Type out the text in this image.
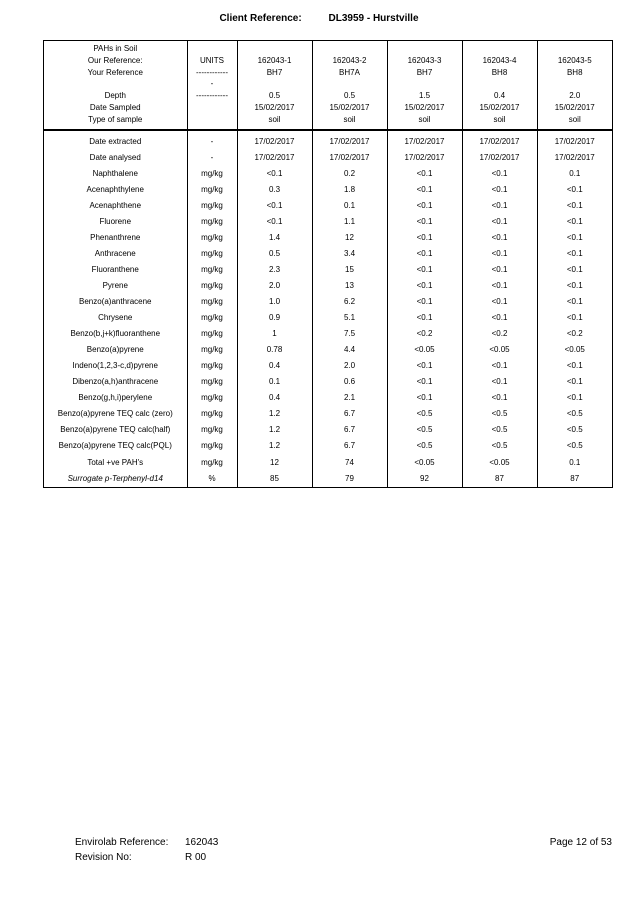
Client Reference:	DL3959 - Hurstville
PAHs in Soil						
Our Reference:	UNITS	162043-1	162043-2	162043-3	162043-4	162043-5
Your Reference	------------	BH7	BH7A	BH7	BH8	BH8
	-					
Depth	------------	0.5	0.5	1.5	0.4	2.0
Date Sampled		15/02/2017	15/02/2017	15/02/2017	15/02/2017	15/02/2017
Type of sample		soil	soil	soil	soil	soil

Date extracted	-	17/02/2017	17/02/2017	17/02/2017	17/02/2017	17/02/2017
Date analysed	-	17/02/2017	17/02/2017	17/02/2017	17/02/2017	17/02/2017
Naphthalene	mg/kg	<0.1	0.2	<0.1	<0.1	0.1
Acenaphthylene	mg/kg	0.3	1.8	<0.1	<0.1	<0.1
Acenaphthene	mg/kg	<0.1	0.1	<0.1	<0.1	<0.1
Fluorene	mg/kg	<0.1	1.1	<0.1	<0.1	<0.1
Phenanthrene	mg/kg	1.4	12	<0.1	<0.1	<0.1
Anthracene	mg/kg	0.5	3.4	<0.1	<0.1	<0.1
Fluoranthene	mg/kg	2.3	15	<0.1	<0.1	<0.1
Pyrene	mg/kg	2.0	13	<0.1	<0.1	<0.1
Benzo(a)anthracene	mg/kg	1.0	6.2	<0.1	<0.1	<0.1
Chrysene	mg/kg	0.9	5.1	<0.1	<0.1	<0.1
Benzo(b,j+k)fluoranthene	mg/kg	1	7.5	<0.2	<0.2	<0.2
Benzo(a)pyrene	mg/kg	0.78	4.4	<0.05	<0.05	<0.05
Indeno(1,2,3-c,d)pyrene	mg/kg	0.4	2.0	<0.1	<0.1	<0.1
Dibenzo(a,h)anthracene	mg/kg	0.1	0.6	<0.1	<0.1	<0.1
Benzo(g,h,i)perylene	mg/kg	0.4	2.1	<0.1	<0.1	<0.1
Benzo(a)pyrene TEQ calc (zero)	mg/kg	1.2	6.7	<0.5	<0.5	<0.5
Benzo(a)pyrene TEQ calc(half)	mg/kg	1.2	6.7	<0.5	<0.5	<0.5
Benzo(a)pyrene TEQ calc(PQL)	mg/kg	1.2	6.7	<0.5	<0.5	<0.5
Total +ve PAH's	mg/kg	12	74	<0.05	<0.05	0.1
Surrogate p-Terphenyl-d14	%	85	79	92	87	87
Envirolab Reference: 162043
Revision No:	R 00
Page 12 of 53
